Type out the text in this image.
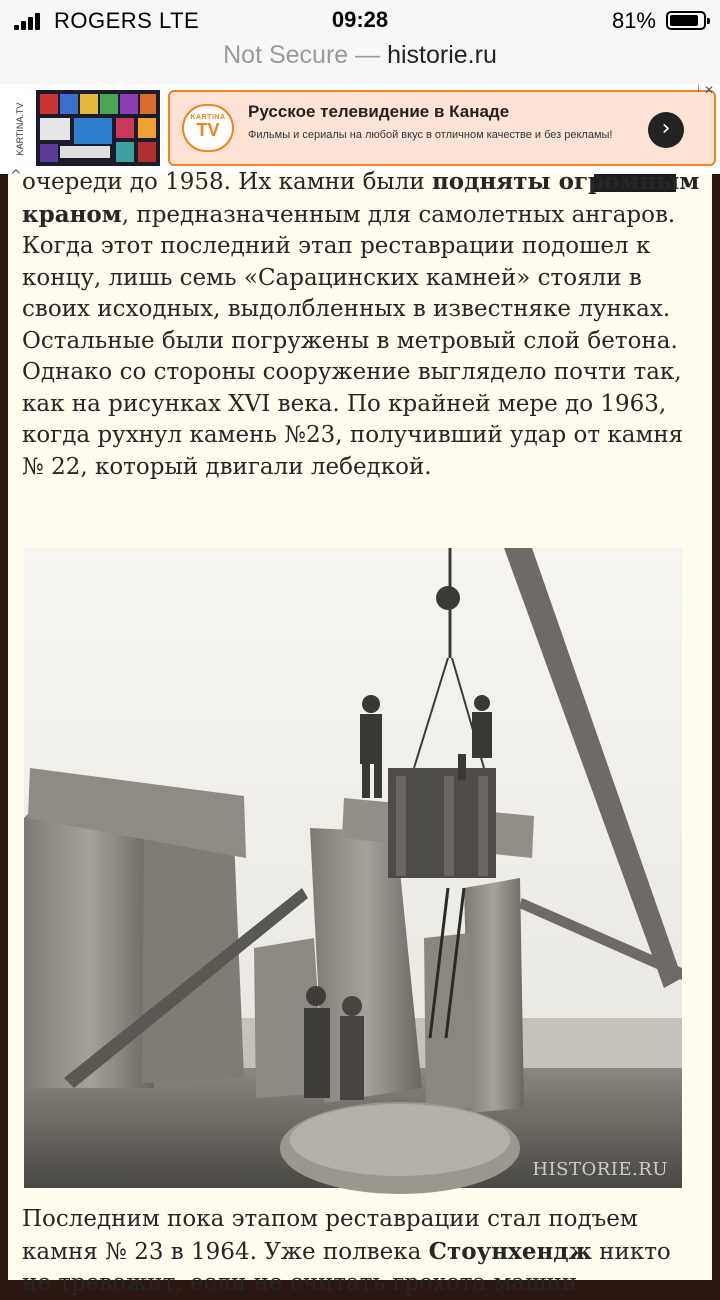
ROGERS LTE	09:28	81%
Not Secure — historie.ru
KARTINA.TV	KARTINA
TV
Русское телевидение в Канаде
Фильмы и сериалы на любой вкус в отличном качестве и без рекламы!	›
i ✕

очереди до 1958. Их камни были подняты огромным краном, предназначенным для самолетных ангаров. Когда этот последний этап реставрации подошел к концу, лишь семь «Сарацинских камней» стояли в своих исходных, выдолбленных в известняке лунках. Остальные были погружены в метровый слой бетона. Однако со стороны сооружение выглядело почти так, как на рисунках XVI века. По крайней мере до 1963, когда рухнул камень №23, получивший удар от камня № 22, который двигали лебедкой.

HISTORIE.RU

Последним пока этапом реставрации стал подъем камня № 23 в 1964. Уже полвека Стоунхендж никто не тревожит, если не считать грохота машин
